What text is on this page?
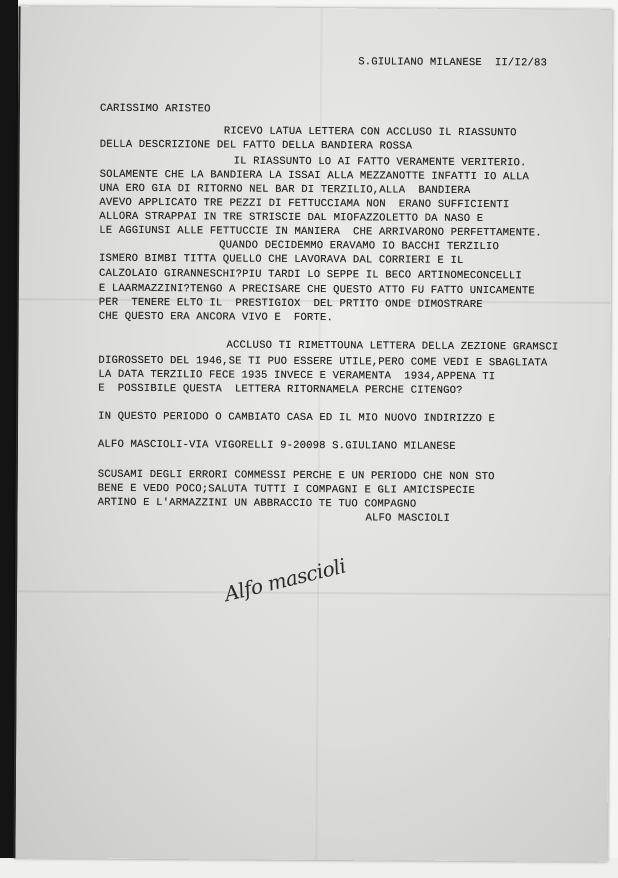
S.GIULIANO MILANESE  II/I2/83
CARISSIMO ARISTEO
RICEVO LATUA LETTERA CON ACCLUSO IL RIASSUNTO
DELLA DESCRIZIONE DEL FATTO DELLA BANDIERA ROSSA
IL RIASSUNTO LO AI FATTO VERAMENTE VERITERIO.
SOLAMENTE CHE LA BANDIERA LA ISSAI ALLA MEZZANOTTE INFATTI IO ALLA
UNA ERO GIA DI RITORNO NEL BAR DI TERZILIO,ALLA  BANDIERA
AVEVO APPLICATO TRE PEZZI DI FETTUCCIAMA NON  ERANO SUFFICIENTI
ALLORA STRAPPAI IN TRE STRISCIE DAL MIOFAZZOLETTO DA NASO E
LE AGGIUNSI ALLE FETTUCCIE IN MANIERA  CHE ARRIVARONO PERFETTAMENTE.
QUANDO DECIDEMMO ERAVAMO IO BACCHI TERZILIO
ISMERO BIMBI TITTA QUELLO CHE LAVORAVA DAL CORRIERI E IL
CALZOLAIO GIRANNESCHI?PIU TARDI LO SEPPE IL BECO ARTINOMECONCELLI
E LAARMAZZINI?TENGO A PRECISARE CHE QUESTO ATTO FU FATTO UNICAMENTE
PER  TENERE ELTO IL  PRESTIGIOX  DEL PRTITO ONDE DIMOSTRARE
CHE QUESTO ERA ANCORA VIVO E  FORTE.
ACCLUSO TI RIMETTOUNA LETTERA DELLA ZEZIONE GRAMSCI
DIGROSSETO DEL 1946,SE TI PUO ESSERE UTILE,PERO COME VEDI E SBAGLIATA
LA DATA TERZILIO FECE 1935 INVECE E VERAMENTA  1934,APPENA TI
E  POSSIBILE QUESTA  LETTERA RITORNAMELA PERCHE CITENGO?
IN QUESTO PERIODO O CAMBIATO CASA ED IL MIO NUOVO INDIRIZZO E
ALFO MASCIOLI-VIA VIGORELLI 9-20098 S.GIULIANO MILANESE
SCUSAMI DEGLI ERRORI COMMESSI PERCHE E UN PERIODO CHE NON STO
BENE E VEDO POCO;SALUTA TUTTI I COMPAGNI E GLI AMICISPECIE
ARTINO E L'ARMAZZINI UN ABBRACCIO TE TUO COMPAGNO
ALFO MASCIOLI
Alfo mascioli
